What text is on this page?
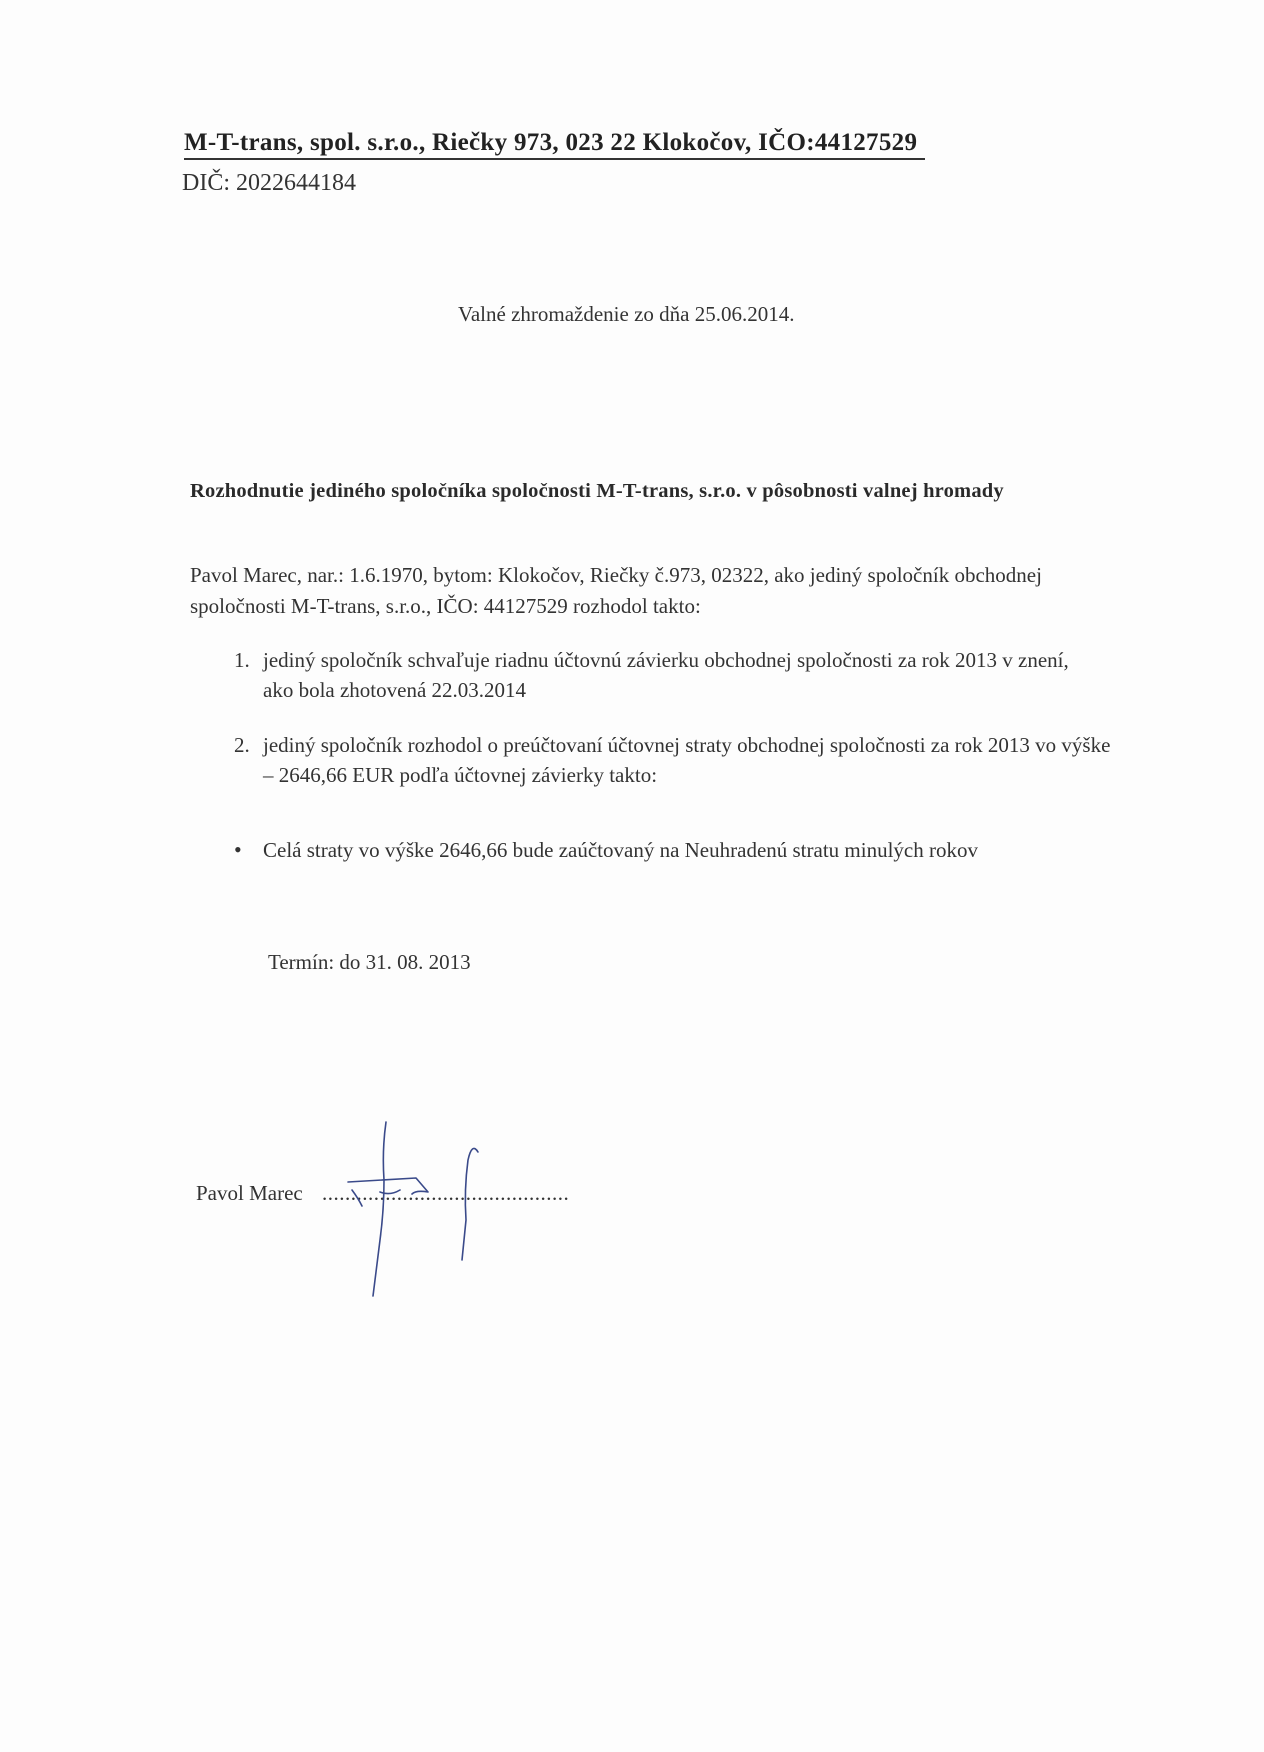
M-T-trans, spol. s.r.o., Riečky 973, 023 22 Klokočov, IČO:44127529
DIČ: 2022644184
Valné zhromaždenie zo dňa 25.06.2014.
Rozhodnutie jediného spoločníka spoločnosti M-T-trans, s.r.o. v pôsobnosti valnej hromady
Pavol Marec, nar.: 1.6.1970, bytom: Klokočov, Riečky č.973, 02322, ako jediný spoločník obchodnej spoločnosti M-T-trans, s.r.o., IČO: 44127529 rozhodol takto:
1. jediný spoločník schvaľuje riadnu účtovnú závierku obchodnej spoločnosti za rok 2013 v znení, ako bola zhotovená 22.03.2014
2. jediný spoločník rozhodol o preúčtovaní účtovnej straty obchodnej spoločnosti za rok 2013 vo výške – 2646,66 EUR podľa účtovnej závierky takto:
• Celá straty vo výške 2646,66 bude zaúčtovaný na Neuhradenú stratu minulých rokov
Termín: do 31. 08. 2013
Pavol Marec ...........................................
